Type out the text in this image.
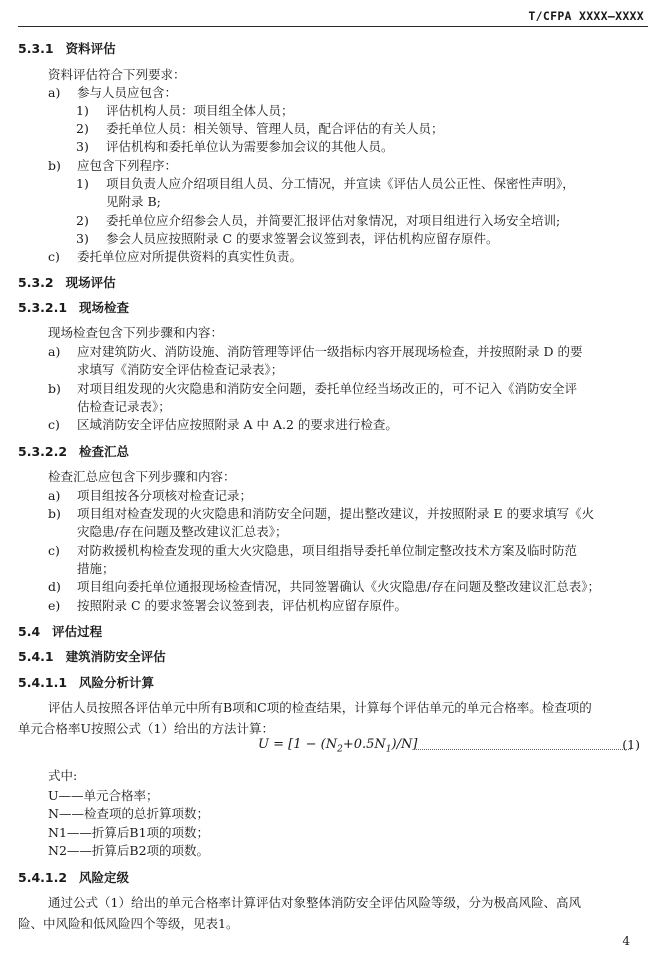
T/CFPA XXXX—XXXX
5.3.1 资料评估

资料评估符合下列要求：

a) 参与人员应包含：
1) 评估机构人员：项目组全体人员；
2) 委托单位人员：相关领导、管理人员，配合评估的有关人员；
3) 评估机构和委托单位认为需要参加会议的其他人员。
b) 应包含下列程序：
1) 项目负责人应介绍项目组人员、分工情况，并宣读《评估人员公正性、保密性声明》，
见附录 B;
2) 委托单位应介绍参会人员，并简要汇报评估对象情况，对项目组进行入场安全培训;
3) 参会人员应按照附录 C 的要求签署会议签到表，评估机构应留存原件。
c) 委托单位应对所提供资料的真实性负责。
5.3.2 现场评估
5.3.2.1 现场检查

现场检查包含下列步骤和内容：

a) 应对建筑防火、消防设施、消防管理等评估一级指标内容开展现场检查，并按照附录 D 的要
求填写《消防安全评估检查记录表》；
b) 对项目组发现的火灾隐患和消防安全问题，委托单位经当场改正的，可不记入《消防安全评
估检查记录表》；
c) 区域消防安全评估应按照附录 A 中 A.2 的要求进行检查。
5.3.2.2 检查汇总

检查汇总应包含下列步骤和内容：

a) 项目组按各分项核对检查记录；
b) 项目组对检查发现的火灾隐患和消防安全问题，提出整改建议，并按照附录 E 的要求填写《火
灾隐患/存在问题及整改建议汇总表》；
c) 对防救援机构检查发现的重大火灾隐患，项目组指导委托单位制定整改技术方案及临时防范
措施；
d) 项目组向委托单位通报现场检查情况，共同签署确认《火灾隐患/存在问题及整改建议汇总表》；
e) 按照附录 C 的要求签署会议签到表，评估机构应留存原件。
5.4 评估过程
5.4.1 建筑消防安全评估
5.4.1.1 风险分析计算
评估人员按照各评估单元中所有B项和C项的检查结果，计算每个评估单元的单元合格率。检查项的
单元合格率U按照公式（1）给出的方法计算：
$U = [1 - (N_2+0.5N_1)/N]$	(1)

式中:

U——单元合格率；

N——检查项的总折算项数；

N1——折算后B1项的项数；

N2——折算后B2项的项数。

5.4.1.2 风险定级
通过公式（1）给出的单元合格率计算评估对象整体消防安全评估风险等级，分为极高风险、高风
险、中风险和低风险四个等级，见表1。
4
